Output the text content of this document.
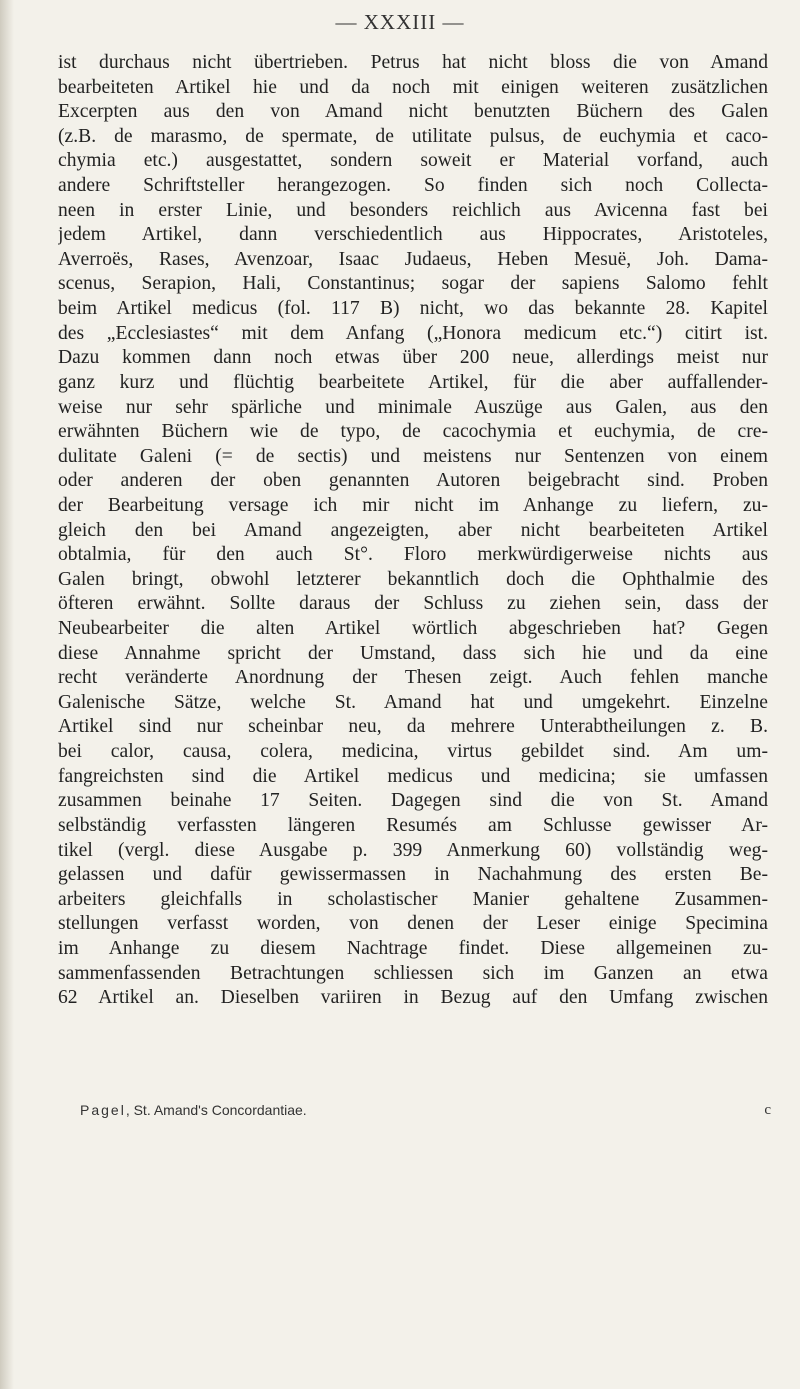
— XXXIII —
ist durchaus nicht übertrieben. Petrus hat nicht bloss die von Amand
bearbeiteten Artikel hie und da noch mit einigen weiteren zusätzlichen
Excerpten aus den von Amand nicht benutzten Büchern des Galen
(z.B. de marasmo, de spermate, de utilitate pulsus, de euchymia et caco-
chymia etc.) ausgestattet, sondern soweit er Material vorfand, auch
andere Schriftsteller herangezogen. So finden sich noch Collecta-
neen in erster Linie, und besonders reichlich aus Avicenna fast bei
jedem Artikel, dann verschiedentlich aus Hippocrates, Aristoteles,
Averroës, Rases, Avenzoar, Isaac Judaeus, Heben Mesuë, Joh. Dama-
scenus, Serapion, Hali, Constantinus; sogar der sapiens Salomo fehlt
beim Artikel medicus (fol. 117 B) nicht, wo das bekannte 28. Kapitel
des „Ecclesiastes“ mit dem Anfang („Honora medicum etc.“) citirt ist.
Dazu kommen dann noch etwas über 200 neue, allerdings meist nur
ganz kurz und flüchtig bearbeitete Artikel, für die aber auffallender-
weise nur sehr spärliche und minimale Auszüge aus Galen, aus den
erwähnten Büchern wie de typo, de cacochymia et euchymia, de cre-
dulitate Galeni (= de sectis) und meistens nur Sentenzen von einem
oder anderen der oben genannten Autoren beigebracht sind. Proben
der Bearbeitung versage ich mir nicht im Anhange zu liefern, zu-
gleich den bei Amand angezeigten, aber nicht bearbeiteten Artikel
obtalmia, für den auch St°. Floro merkwürdigerweise nichts aus
Galen bringt, obwohl letzterer bekanntlich doch die Ophthalmie des
öfteren erwähnt. Sollte daraus der Schluss zu ziehen sein, dass der
Neubearbeiter die alten Artikel wörtlich abgeschrieben hat? Gegen
diese Annahme spricht der Umstand, dass sich hie und da eine
recht veränderte Anordnung der Thesen zeigt. Auch fehlen manche
Galenische Sätze, welche St. Amand hat und umgekehrt. Einzelne
Artikel sind nur scheinbar neu, da mehrere Unterabtheilungen z. B.
bei calor, causa, colera, medicina, virtus gebildet sind. Am um-
fangreichsten sind die Artikel medicus und medicina; sie umfassen
zusammen beinahe 17 Seiten. Dagegen sind die von St. Amand
selbständig verfassten längeren Resumés am Schlusse gewisser Ar-
tikel (vergl. diese Ausgabe p. 399 Anmerkung 60) vollständig weg-
gelassen und dafür gewissermassen in Nachahmung des ersten Be-
arbeiters gleichfalls in scholastischer Manier gehaltene Zusammen-
stellungen verfasst worden, von denen der Leser einige Specimina
im Anhange zu diesem Nachtrage findet. Diese allgemeinen zu-
sammenfassenden Betrachtungen schliessen sich im Ganzen an etwa
62 Artikel an. Dieselben variiren in Bezug auf den Umfang zwischen
Pagel, St. Amand's Concordantiae.	c
